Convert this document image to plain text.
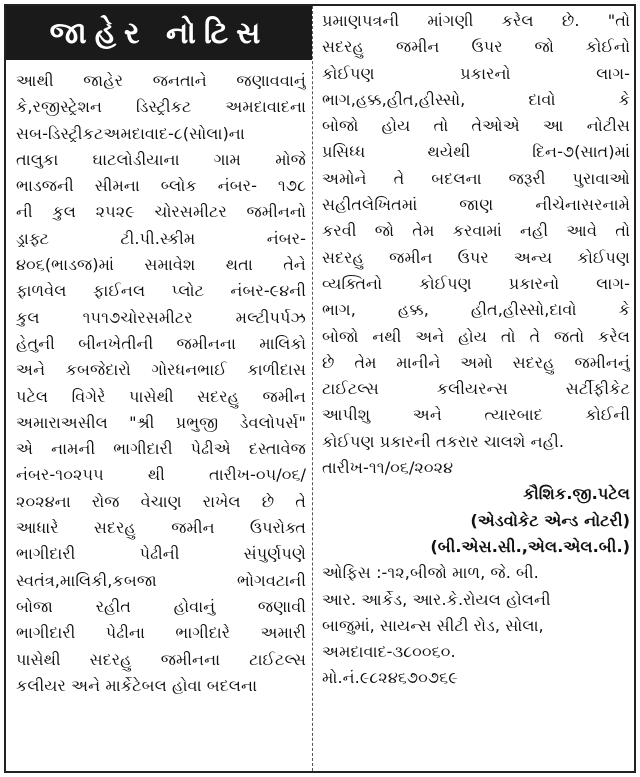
જાહેર નોટિસ
આથી જાહેર જનતાને જણાવવાનું
કે,રજીસ્ટ્રેશન ડિસ્ટ્રીકટ અમદાવાદના
સબ-ડિસ્ટ્રીકટઅમદાવાદ-૮(સોલા)ના
તાલુકા ઘાટલોડીયાના ગામ મોજે
ભાડજની સીમના બ્લોક નંબર- ૧૭૮
ની કુલ ૨૫૨૯ ચોરસમીટર જમીનનો
ડ્રાફ્ટ ટી.પી.સ્કીમ નંબર-
૪૦૬(ભાડજ)માં સમાવેશ થતા તેને
ફાળવેલ ફાઈનલ પ્લોટ નંબર-૯૪ની
કુલ ૧૫૧૭ચોરસમીટર મલ્ટીપર્પઝ
હેતુની બીનખેતીની જમીનના માલિકો
અને કબજેદારો ગોરધનભાઈ કાળીદાસ
પટેલ વિગેરે પાસેથી સદરહુ જમીન
અમારાઅસીલ "શ્રી પ્રભુજી ડેવલોપર્સ"
એ નામની ભાગીદારી પેઢીએ દસ્તાવેજ
નંબર-૧૦૨૫૫ થી તારીખ-૦૫/૦૬/
૨૦૨૪ના રોજ વેચાણ રાખેલ છે તે
આધારે સદરહુ જમીન ઉપરોક્ત
ભાગીદારી પેઢીની સંપુર્ણપણે
સ્વતંત્ર,માલિકી,કબજા ભોગવટાની
બોજા રહીત હોવાનું જણાવી
ભાગીદારી પેઢીના ભાગીદારે અમારી
પાસેથી સદરહુ જમીનના ટાઈટલ્સ
કલીયર અને માર્કેટેબલ હોવા બદલના
પ્રમાણપત્રની માંગણી કરેલ છે. "તો
સદરહુ જમીન ઉપર જો કોઈનો
કોઈપણ પ્રકારનો લાગ-
ભાગ,હક્ક,હીત,હીસ્સો, દાવો કે
બોજો હોય તો તેઓએ આ નોટીસ
પ્રસિધ્ધ થયેથી દિન-૭(સાત)માં
અમોને તે બદલના જરૂરી પુરાવાઓ
સહીતલેખિતમાં જાણ નીચેનાસરનામે
કરવી જો તેમ કરવામાં નહી આવે તો
સદરહુ જમીન ઉપર અન્ય કોઈપણ
વ્યક્તિનો કોઈપણ પ્રકારનો લાગ-
ભાગ, હક્ક, હીત,હીસ્સો,દાવો કે
બોજો નથી અને હોય તો તે જતો કરેલ
છે તેમ માનીને અમો સદરહુ જમીનનું
ટાઈટલ્સ કલીયરન્સ સર્ટીફીકેટ
આપીશુ અને ત્યારબાદ કોઈની
કોઈપણ પ્રકારની તકરાર ચાલશે નહી.
તારીખ-૧૧/૦૬/૨૦૨૪
કૌશિક.જી.પટેલ
(એડવોકેટ એન્ડ નોટરી)
(બી.એસ.સી.,એલ.એલ.બી.)
ઓફિસ :-૧૨,બીજો માળ, જે. બી.
આર. આર્કેડ, આર.કે.રોયલ હોલની
બાજુમાં, સાયન્સ સીટી રોડ, સોલા,
અમદાવાદ-૩૮૦૦૬૦.
મો.નં.૯૮૨૪૬૭૦૭૬૯
